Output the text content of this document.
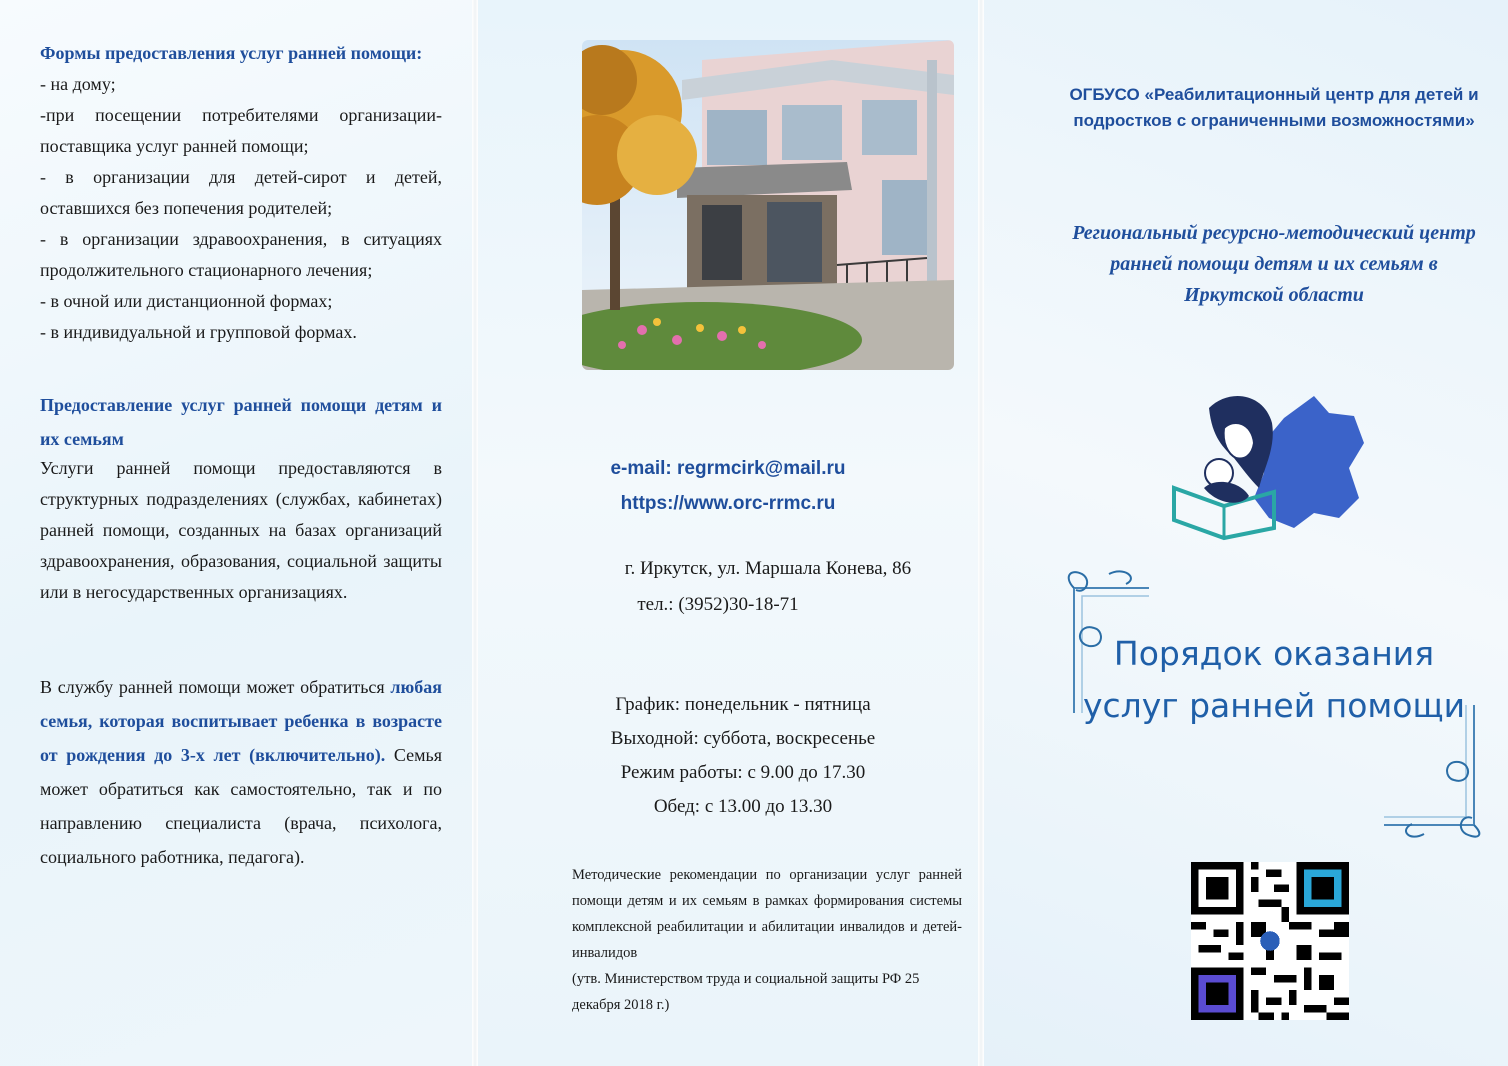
Формы предоставления услуг ранней помощи:
- на дому;
-при посещении потребителями организации-поставщика услуг ранней помощи;
- в организации для детей-сирот и детей, оставшихся без попечения родителей;
- в организации здравоохранения, в ситуациях продолжительного стационарного лечения;
- в очной или дистанционной формах;
- в индивидуальной и групповой формах.
Предоставление услуг ранней помощи детям и их семьям
Услуги ранней помощи предоставляются в структурных подразделениях (службах, кабинетах) ранней помощи, созданных на базах организаций здравоохранения, образования, социальной защиты или в негосударственных организациях.
В службу ранней помощи может обратиться любая семья, которая воспитывает ребенка в возрасте от рождения до 3-х лет (включительно). Семья может обратиться как самостоятельно, так и по направлению специалиста (врача, психолога, социального работника, педагога).
e-mail: regrmcirk@mail.ru
https://www.orc-rrmc.ru
г. Иркутск, ул. Маршала Конева, 86
тел.: (3952)30-18-71
График: понедельник - пятница
Выходной: суббота, воскресенье
Режим работы: с 9.00 до 17.30
Обед: с 13.00 до 13.30
Методические рекомендации по организации услуг ранней помощи детям и их семьям в рамках формирования системы комплексной реабилитации и абилитации инвалидов и детей-инвалидов
(утв. Министерством труда и социальной защиты РФ 25 декабря 2018 г.)
ОГБУСО «Реабилитационный центр для детей и подростков с ограниченными возможностями»
Региональный ресурсно-методический центр ранней помощи детям и их семьям в Иркутской области
Порядок оказания услуг ранней помощи
